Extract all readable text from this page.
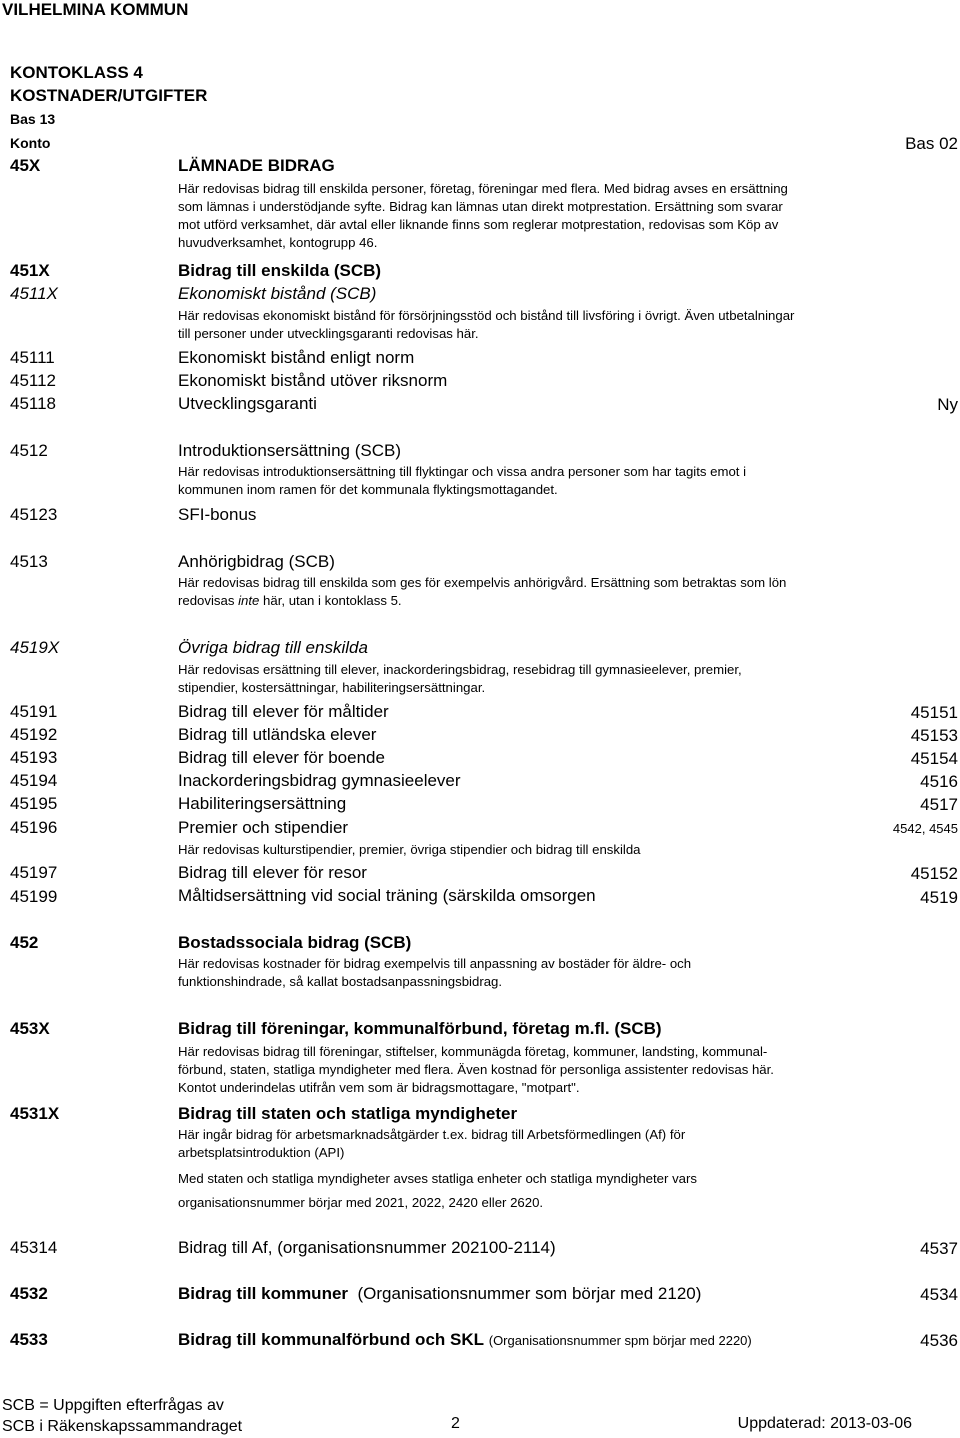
VILHELMINA KOMMUN
KONTOKLASS 4
KOSTNADER/UTGIFTER
Bas 13
Konto	Bas 02
45X	LÄMNADE BIDRAG
Här redovisas bidrag till enskilda personer, företag, föreningar med flera. Med bidrag avses en ersättning
som lämnas i understödjande syfte. Bidrag kan lämnas utan direkt motprestation. Ersättning som svarar
mot utförd verksamhet, där avtal eller liknande finns som reglerar motprestation, redovisas som Köp av
huvudverksamhet, kontogrupp 46.
451X	Bidrag till enskilda (SCB)
4511X	Ekonomiskt bistånd (SCB)
Här redovisas ekonomiskt bistånd för försörjningsstöd och bistånd till livsföring i övrigt. Även utbetalningar
till personer under utvecklingsgaranti redovisas här.
45111	Ekonomiskt bistånd enligt norm
45112	Ekonomiskt bistånd utöver riksnorm
45118	Utvecklingsgaranti	Ny
4512	Introduktionsersättning (SCB)
Här redovisas introduktionsersättning till flyktingar och vissa andra personer som har tagits emot i
kommunen inom ramen för det kommunala flyktingsmottagandet.
45123	SFI-bonus
4513	Anhörigbidrag (SCB)
Här redovisas bidrag till enskilda som ges för exempelvis anhörigvård. Ersättning som betraktas som lön
redovisas inte här, utan i kontoklass 5.
4519X	Övriga bidrag till enskilda
Här redovisas ersättning till elever, inackorderingsbidrag, resebidrag till gymnasieelever, premier,
stipendier, kostersättningar, habiliteringsersättningar.
45191	Bidrag till elever för måltider	45151
45192	Bidrag till utländska elever	45153
45193	Bidrag till elever för boende	45154
45194	Inackorderingsbidrag gymnasieelever	4516
45195	Habiliteringsersättning	4517
45196	Premier och stipendier	4542, 4545
Här redovisas kulturstipendier, premier, övriga stipendier och bidrag till enskilda
45197	Bidrag till elever för resor	45152
45199	Måltidsersättning vid social träning (särskilda omsorgen	4519
452	Bostadssociala bidrag (SCB)
Här redovisas kostnader för bidrag exempelvis till anpassning av bostäder för äldre- och
funktionshindrade, så kallat bostadsanpassningsbidrag.
453X	Bidrag till föreningar, kommunalförbund, företag m.fl. (SCB)
Här redovisas bidrag till föreningar, stiftelser, kommunägda företag, kommuner, landsting, kommunal-
förbund, staten, statliga myndigheter med flera. Även kostnad för personliga assistenter redovisas här.
Kontot underindelas utifrån vem som är bidragsmottagare, "motpart".
4531X	Bidrag till staten och statliga myndigheter
Här ingår bidrag för arbetsmarknadsåtgärder t.ex. bidrag till Arbetsförmedlingen (Af) för
arbetsplatsintroduktion (API)
Med staten och statliga myndigheter avses statliga enheter och statliga myndigheter vars
organisationsnummer börjar med 2021, 2022, 2420 eller 2620.
45314	Bidrag till Af, (organisationsnummer 202100-2114)	4537
4532	Bidrag till kommuner (Organisationsnummer som börjar med 2120)	4534
4533	Bidrag till kommunalförbund och SKL (Organisationsnummer spm börjar med 2220)	4536
SCB = Uppgiften efterfrågas av
SCB i Räkenskapssammandraget	2	Uppdaterad: 2013-03-06
